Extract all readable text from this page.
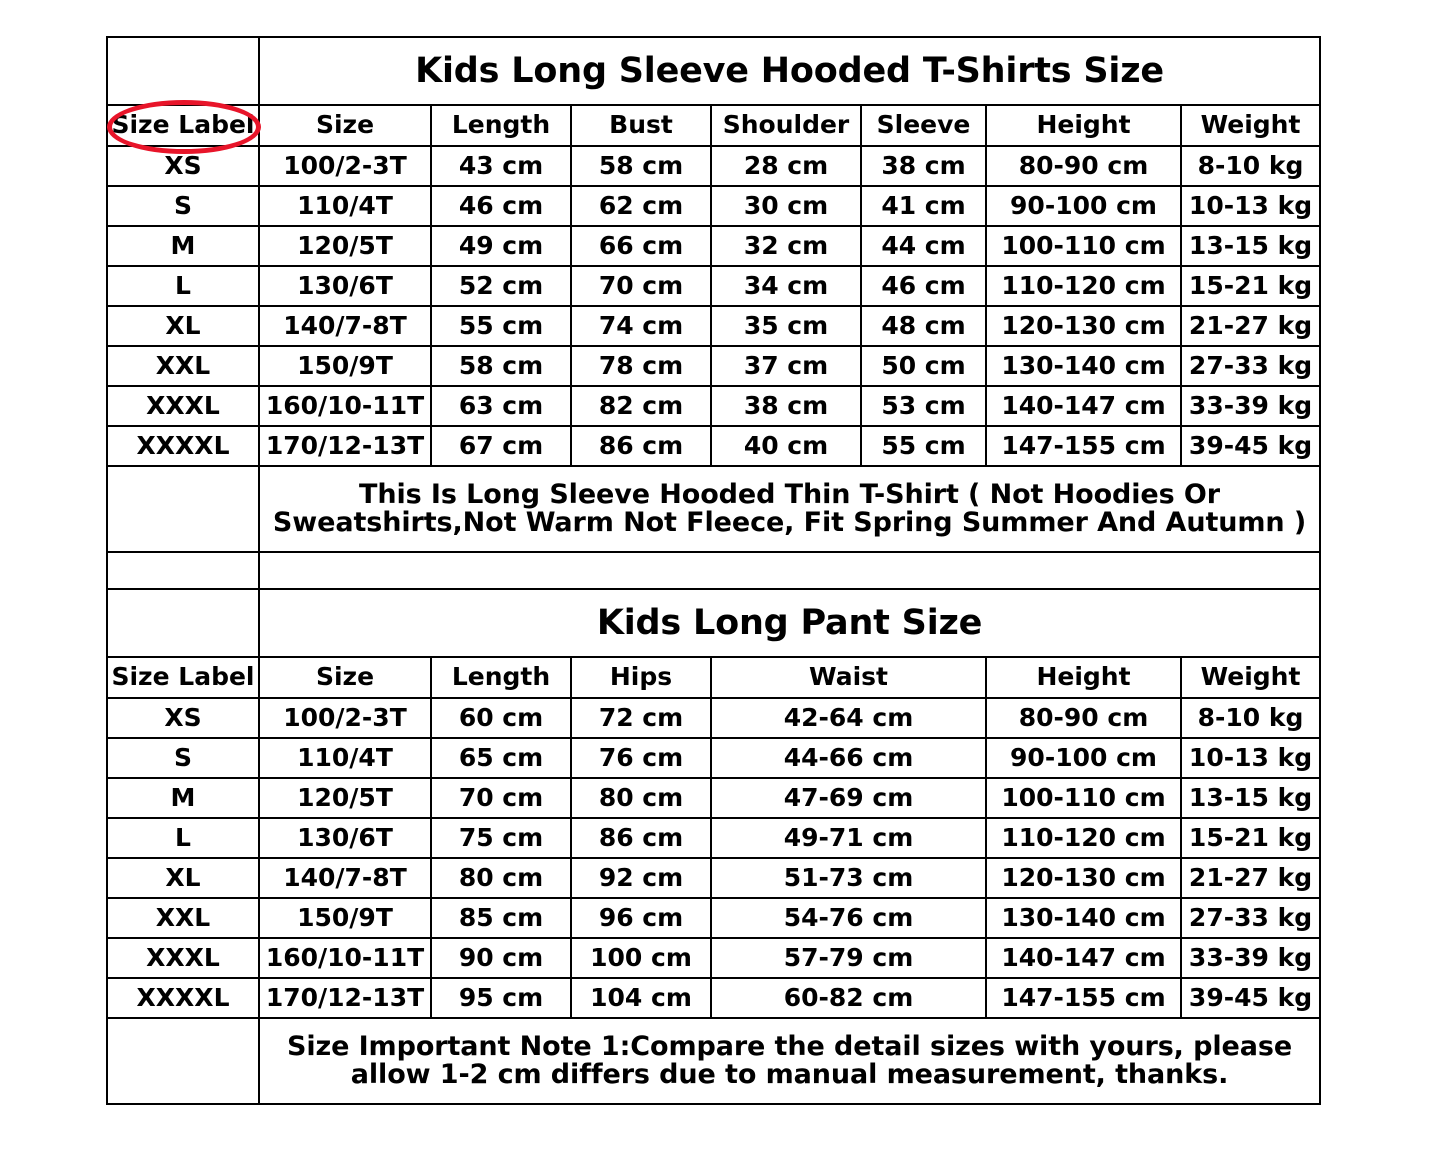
	Kids Long Sleeve Hooded T-Shirts Size						
Size Label	Size	Length	Bust	Shoulder	Sleeve	Height	Weight
XS	100/2-3T	43 cm	58 cm	28 cm	38 cm	80-90 cm	8-10 kg
S	110/4T	46 cm	62 cm	30 cm	41 cm	90-100 cm	10-13 kg
M	120/5T	49 cm	66 cm	32 cm	44 cm	100-110 cm	13-15 kg
L	130/6T	52 cm	70 cm	34 cm	46 cm	110-120 cm	15-21 kg
XL	140/7-8T	55 cm	74 cm	35 cm	48 cm	120-130 cm	21-27 kg
XXL	150/9T	58 cm	78 cm	37 cm	50 cm	130-140 cm	27-33 kg
XXXL	160/10-11T	63 cm	82 cm	38 cm	53 cm	140-147 cm	33-39 kg
XXXXL	170/12-13T	67 cm	86 cm	40 cm	55 cm	147-155 cm	39-45 kg
	This Is Long Sleeve Hooded Thin T-Shirt ( Not Hoodies Or Sweatshirts,Not Warm Not Fleece, Fit Spring Summer And Autumn )						

	Kids Long Pant Size						
Size Label	Size	Length	Hips	Waist		Height	Weight
XS	100/2-3T	60 cm	72 cm	42-64 cm		80-90 cm	8-10 kg
S	110/4T	65 cm	76 cm	44-66 cm		90-100 cm	10-13 kg
M	120/5T	70 cm	80 cm	47-69 cm		100-110 cm	13-15 kg
L	130/6T	75 cm	86 cm	49-71 cm		110-120 cm	15-21 kg
XL	140/7-8T	80 cm	92 cm	51-73 cm		120-130 cm	21-27 kg
XXL	150/9T	85 cm	96 cm	54-76 cm		130-140 cm	27-33 kg
XXXL	160/10-11T	90 cm	100 cm	57-79 cm		140-147 cm	33-39 kg
XXXXL	170/12-13T	95 cm	104 cm	60-82 cm		147-155 cm	39-45 kg
	Size Important Note 1:Compare the detail sizes with yours, please allow 1-2 cm differs due to manual measurement, thanks.						
